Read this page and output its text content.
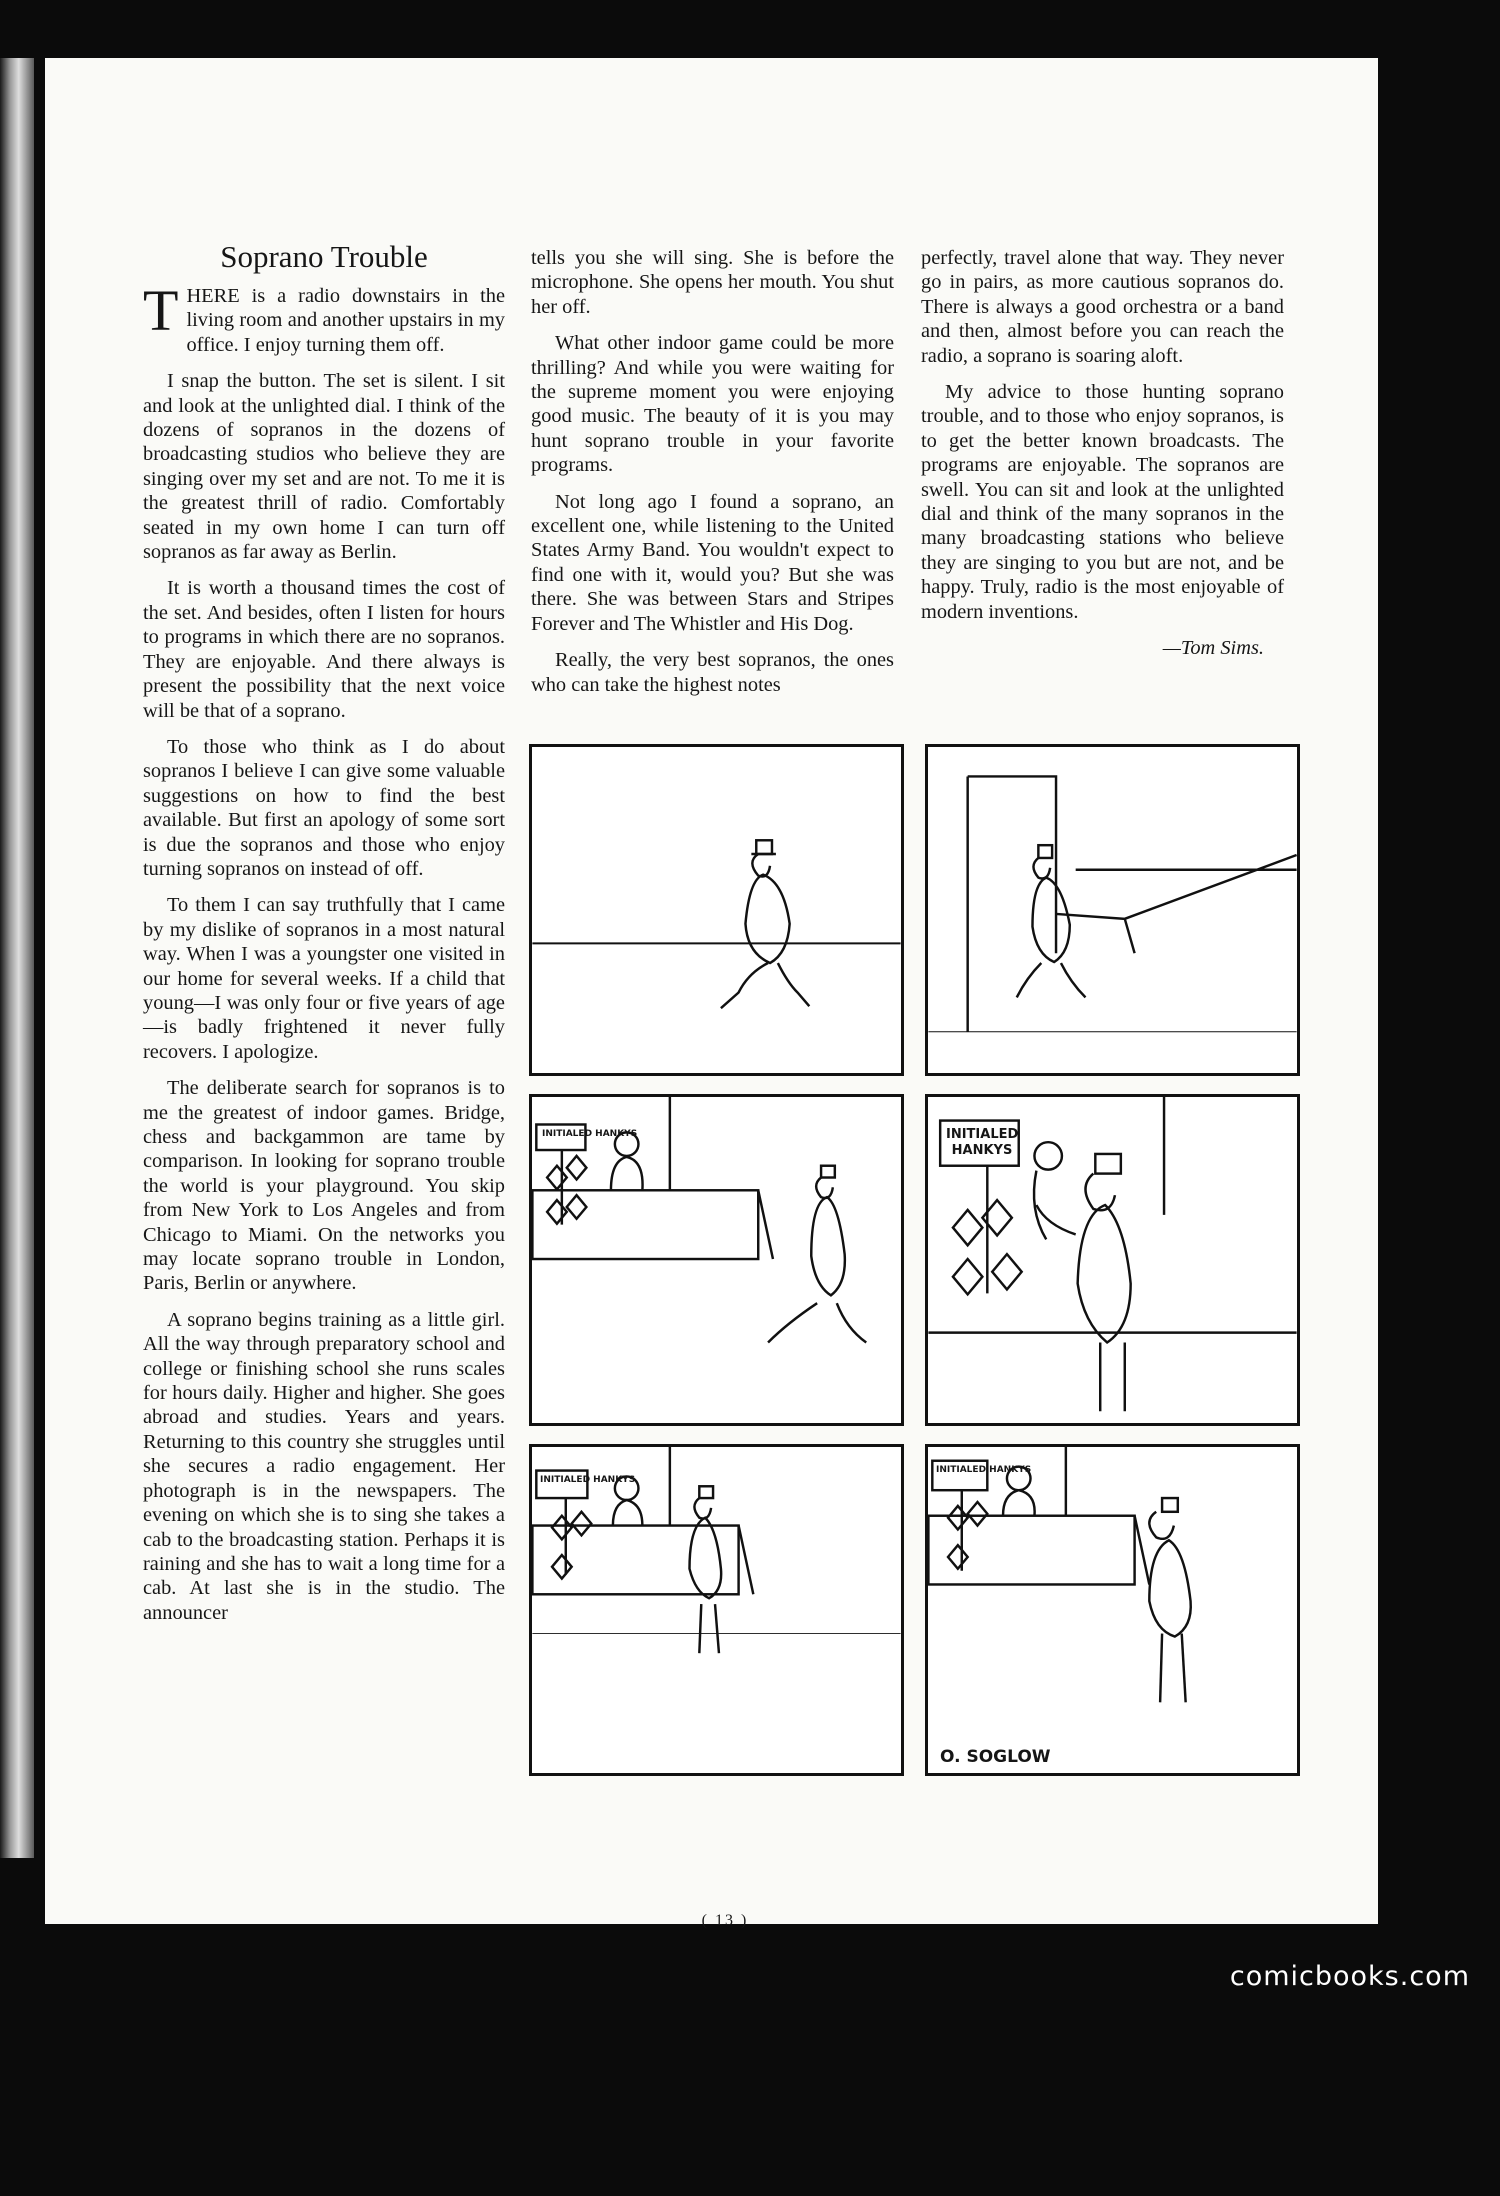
Soprano Trouble

THERE is a radio downstairs in the living room and another upstairs in my office. I enjoy turning them off.

I snap the button. The set is silent. I sit and look at the unlighted dial. I think of the dozens of sopranos in the dozens of broadcasting studios who believe they are singing over my set and are not. To me it is the greatest thrill of radio. Comfortably seated in my own home I can turn off sopranos as far away as Berlin.

It is worth a thousand times the cost of the set. And besides, often I listen for hours to programs in which there are no sopranos. They are enjoyable. And there always is present the possibility that the next voice will be that of a soprano.

To those who think as I do about sopranos I believe I can give some valuable suggestions on how to find the best available. But first an apology of some sort is due the sopranos and those who enjoy turning sopranos on instead of off.

To them I can say truthfully that I came by my dislike of sopranos in a most natural way. When I was a youngster one visited in our home for several weeks. If a child that young—I was only four or five years of age—is badly frightened it never fully recovers. I apologize.

The deliberate search for sopranos is to me the greatest of indoor games. Bridge, chess and backgammon are tame by comparison. In looking for soprano trouble the world is your playground. You skip from New York to Los Angeles and from Chicago to Miami. On the networks you may locate soprano trouble in London, Paris, Berlin or anywhere.

A soprano begins training as a little girl. All the way through preparatory school and college or finishing school she runs scales for hours daily. Higher and higher. She goes abroad and studies. Years and years. Returning to this country she struggles until she secures a radio engagement. Her photograph is in the newspapers. The evening on which she is to sing she takes a cab to the broadcasting station. Perhaps it is raining and she has to wait a long time for a cab. At last she is in the studio. The announcer

tells you she will sing. She is before the microphone. She opens her mouth. You shut her off.

What other indoor game could be more thrilling? And while you were waiting for the supreme moment you were enjoying good music. The beauty of it is you may hunt soprano trouble in your favorite programs.

Not long ago I found a soprano, an excellent one, while listening to the United States Army Band. You wouldn't expect to find one with it, would you? But she was there. She was between Stars and Stripes Forever and The Whistler and His Dog.

Really, the very best sopranos, the ones who can take the highest notes

perfectly, travel alone that way. They never go in pairs, as more cautious sopranos do. There is always a good orchestra or a band and then, almost before you can reach the radio, a soprano is soaring aloft.

My advice to those hunting soprano trouble, and to those who enjoy sopranos, is to get the better known broadcasts. The programs are enjoyable. The sopranos are swell. You can sit and look at the unlighted dial and think of the many sopranos in the many broadcasting stations who believe they are singing to you but are not, and be happy. Truly, radio is the most enjoyable of modern inventions.

—Tom Sims.

INITIALED HANKYS	INITIALED HANKYS
INITIALED HANKYS
INITIALED HANKYS
O. SOGLOW
( 13 )
comicbooks.com
